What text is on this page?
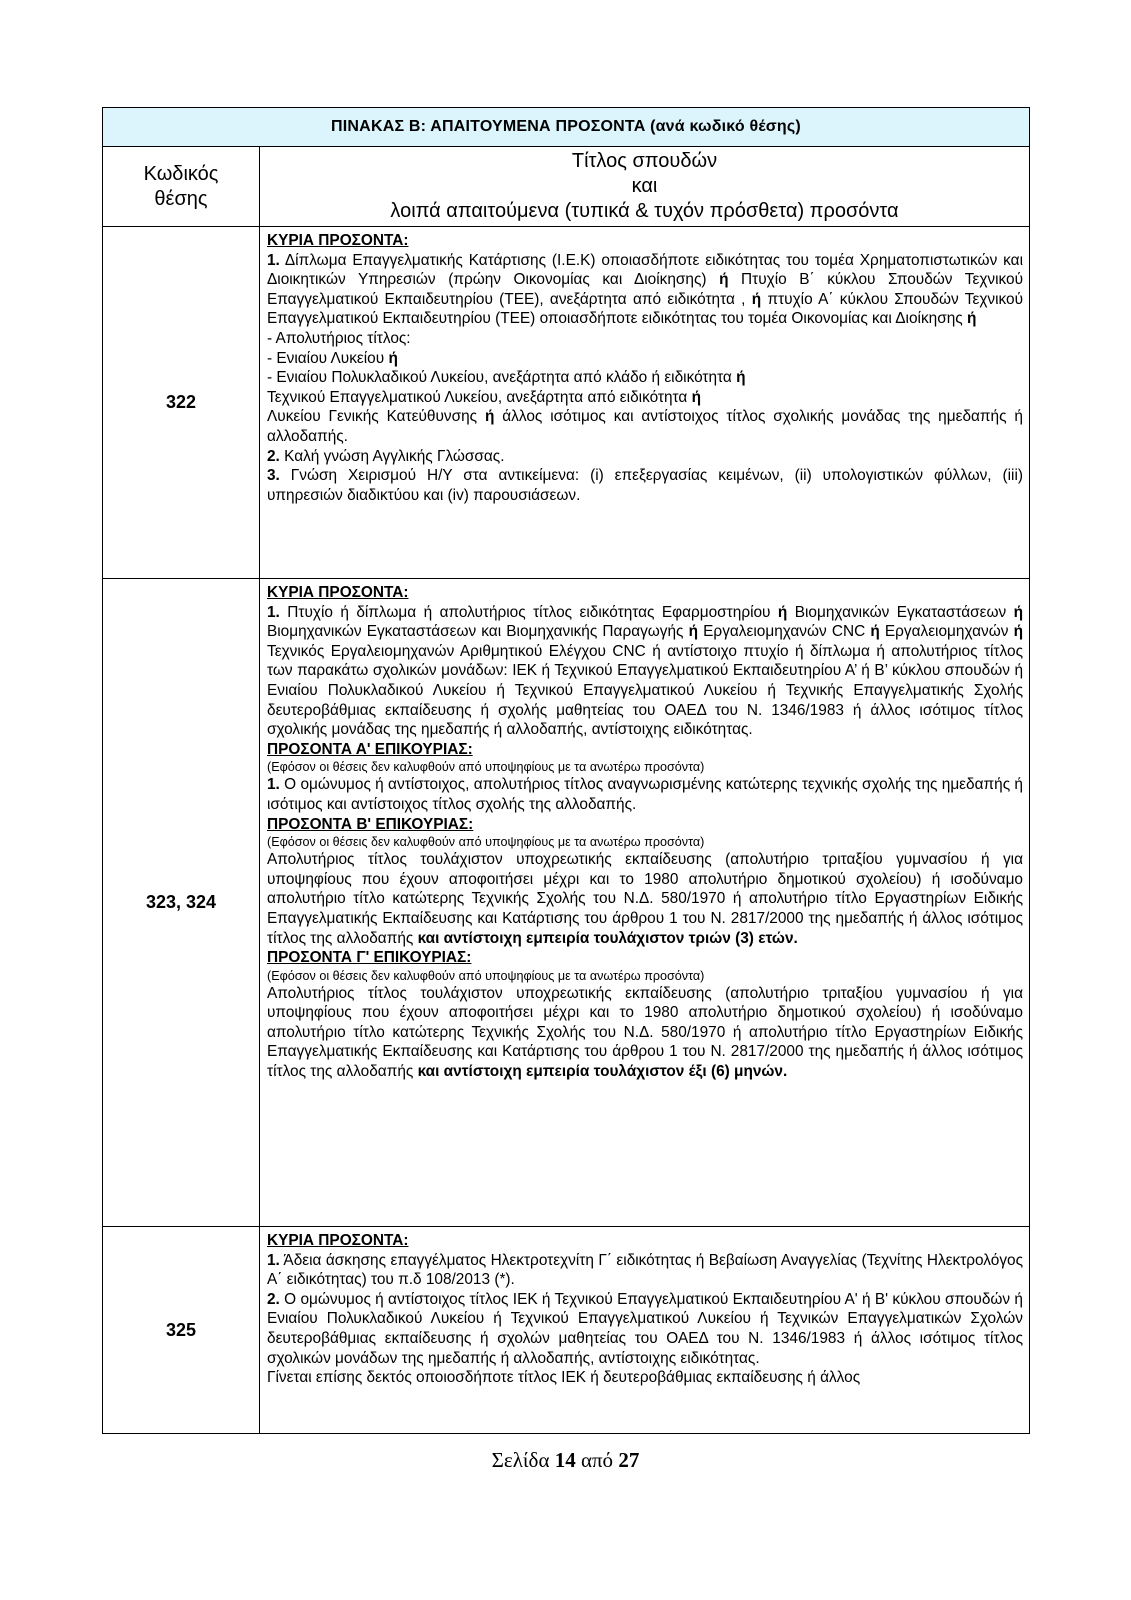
ΠΙΝΑΚΑΣ Β: ΑΠΑΙΤΟΥΜΕΝΑ ΠΡΟΣΟΝΤΑ (ανά κωδικό θέσης)
Κωδικός
θέσης
Τίτλος σπουδών
και
λοιπά απαιτούμενα (τυπικά & τυχόν πρόσθετα) προσόντα
322

ΚΥΡΙΑ ΠΡΟΣΟΝΤΑ:

1. Δίπλωμα Επαγγελματικής Κατάρτισης (Ι.Ε.Κ) οποιασδήποτε ειδικότητας του τομέα Χρηματοπιστωτικών και Διοικητικών Υπηρεσιών (πρώην Οικονομίας και Διοίκησης) ή Πτυχίο Β΄ κύκλου Σπουδών Τεχνικού Επαγγελματικού Εκπαιδευτηρίου (ΤΕΕ), ανεξάρτητα από ειδικότητα , ή πτυχίο Α΄ κύκλου Σπουδών Τεχνικού Επαγγελματικού Εκπαιδευτηρίου (ΤΕΕ) οποιασδήποτε ειδικότητας του τομέα Οικονομίας και Διοίκησης ή

- Απολυτήριος τίτλος:

- Ενιαίου Λυκείου ή

- Ενιαίου Πολυκλαδικού Λυκείου, ανεξάρτητα από κλάδο ή ειδικότητα ή

Τεχνικού Επαγγελματικού Λυκείου, ανεξάρτητα από ειδικότητα ή

Λυκείου Γενικής Κατεύθυνσης ή άλλος ισότιμος και αντίστοιχος τίτλος σχολικής μονάδας της ημεδαπής ή αλλοδαπής.

2. Καλή γνώση Αγγλικής Γλώσσας.

3. Γνώση Χειρισμού Η/Υ στα αντικείμενα: (i) επεξεργασίας κειμένων, (ii) υπολογιστικών φύλλων, (iii) υπηρεσιών διαδικτύου και (iv) παρουσιάσεων.

323, 324

ΚΥΡΙΑ ΠΡΟΣΟΝΤΑ:

1. Πτυχίο ή δίπλωμα ή απολυτήριος τίτλος ειδικότητας Εφαρμοστηρίου ή Βιομηχανικών Εγκαταστάσεων ή Βιομηχανικών Εγκαταστάσεων και Βιομηχανικής Παραγωγής ή Εργαλειομηχανών CNC ή Εργαλειομηχανών ή Τεχνικός Εργαλειομηχανών Αριθμητικού Ελέγχου CNC ή αντίστοιχο πτυχίο ή δίπλωμα ή απολυτήριος τίτλος των παρακάτω σχολικών μονάδων: ΙΕΚ ή Τεχνικού Επαγγελματικού Εκπαιδευτηρίου Α’ ή Β’ κύκλου σπουδών ή Ενιαίου Πολυκλαδικού Λυκείου ή Τεχνικού Επαγγελματικού Λυκείου ή Τεχνικής Επαγγελματικής Σχολής δευτεροβάθμιας εκπαίδευσης ή σχολής μαθητείας του ΟΑΕΔ του Ν. 1346/1983 ή άλλος ισότιμος τίτλος σχολικής μονάδας της ημεδαπής ή αλλοδαπής, αντίστοιχης ειδικότητας.

ΠΡΟΣΟΝΤΑ Α' ΕΠΙΚΟΥΡΙΑΣ:

(Εφόσον οι θέσεις δεν καλυφθούν από υποψηφίους με τα ανωτέρω προσόντα)

1. Ο ομώνυμος ή αντίστοιχος, απολυτήριος τίτλος αναγνωρισμένης κατώτερης τεχνικής σχολής της ημεδαπής ή ισότιμος και αντίστοιχος τίτλος σχολής της αλλοδαπής.

ΠΡΟΣΟΝΤΑ Β' ΕΠΙΚΟΥΡΙΑΣ:

(Εφόσον οι θέσεις δεν καλυφθούν από υποψηφίους με τα ανωτέρω προσόντα)

Απολυτήριος τίτλος τουλάχιστον υποχρεωτικής εκπαίδευσης (απολυτήριο τριταξίου γυμνασίου ή για υποψηφίους που έχουν αποφοιτήσει μέχρι και το 1980 απολυτήριο δημοτικού σχολείου) ή ισοδύναμο απολυτήριο τίτλο κατώτερης Τεχνικής Σχολής του Ν.Δ. 580/1970 ή απολυτήριο τίτλο Εργαστηρίων Ειδικής Επαγγελματικής Εκπαίδευσης και Κατάρτισης του άρθρου 1 του Ν. 2817/2000 της ημεδαπής ή άλλος ισότιμος τίτλος της αλλοδαπής και αντίστοιχη εμπειρία τουλάχιστον τριών (3) ετών.

ΠΡΟΣΟΝΤΑ Γ' ΕΠΙΚΟΥΡΙΑΣ:

(Εφόσον οι θέσεις δεν καλυφθούν από υποψηφίους με τα ανωτέρω προσόντα)

Απολυτήριος τίτλος τουλάχιστον υποχρεωτικής εκπαίδευσης (απολυτήριο τριταξίου γυμνασίου ή για υποψηφίους που έχουν αποφοιτήσει μέχρι και το 1980 απολυτήριο δημοτικού σχολείου) ή ισοδύναμο απολυτήριο τίτλο κατώτερης Τεχνικής Σχολής του Ν.Δ. 580/1970 ή απολυτήριο τίτλο Εργαστηρίων Ειδικής Επαγγελματικής Εκπαίδευσης και Κατάρτισης του άρθρου 1 του Ν. 2817/2000 της ημεδαπής ή άλλος ισότιμος τίτλος της αλλοδαπής και αντίστοιχη εμπειρία τουλάχιστον έξι (6) μηνών.

325

ΚΥΡΙΑ ΠΡΟΣΟΝΤΑ:

1. Άδεια άσκησης επαγγέλματος Ηλεκτροτεχνίτη Γ΄ ειδικότητας ή Βεβαίωση Αναγγελίας (Τεχνίτης Ηλεκτρολόγος Α΄ ειδικότητας) του π.δ 108/2013 (*).

2. Ο ομώνυμος ή αντίστοιχος τίτλος ΙΕΚ ή Τεχνικού Επαγγελματικού Εκπαιδευτηρίου Α' ή Β' κύκλου σπουδών ή Ενιαίου Πολυκλαδικού Λυκείου ή Τεχνικού Επαγγελματικού Λυκείου ή Τεχνικών Επαγγελματικών Σχολών δευτεροβάθμιας εκπαίδευσης ή σχολών μαθητείας του ΟΑΕΔ του Ν. 1346/1983 ή άλλος ισότιμος τίτλος σχολικών μονάδων της ημεδαπής ή αλλοδαπής, αντίστοιχης ειδικότητας.

Γίνεται επίσης δεκτός οποιοσδήποτε τίτλος ΙΕΚ ή δευτεροβάθμιας εκπαίδευσης ή άλλος

Σελίδα 14 από 27
